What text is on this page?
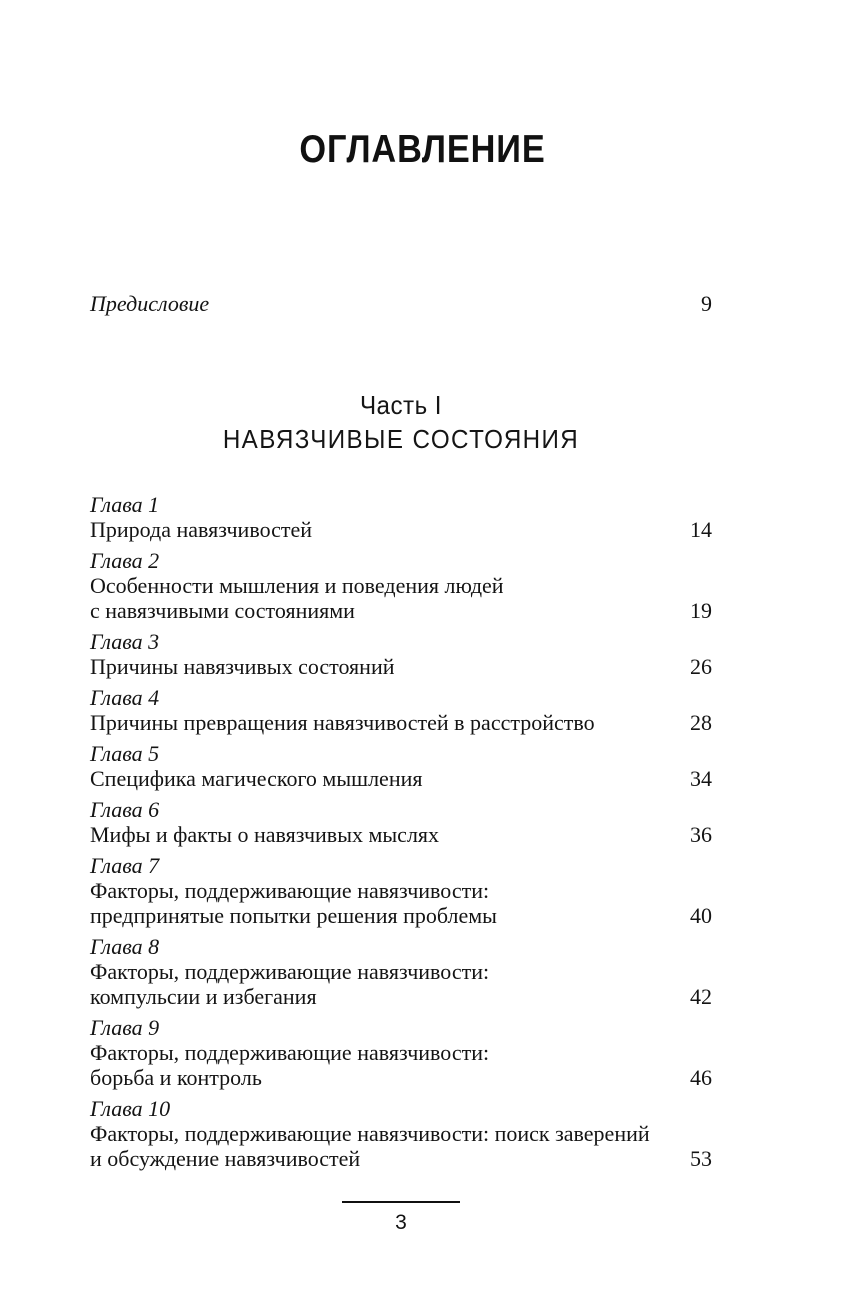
ОГЛАВЛЕНИЕ
Предисловие	9
Часть I
НАВЯЗЧИВЫЕ СОСТОЯНИЯ
Глава 1
Природа навязчивостей	14
Глава 2
Особенности мышления и поведения людей
с навязчивыми состояниями	19
Глава 3
Причины навязчивых состояний	26
Глава 4
Причины превращения навязчивостей в расстройство	28
Глава 5
Специфика магического мышления	34
Глава 6
Мифы и факты о навязчивых мыслях	36
Глава 7
Факторы, поддерживающие навязчивости:
предпринятые попытки решения проблемы	40
Глава 8
Факторы, поддерживающие навязчивости:
компульсии и избегания	42
Глава 9
Факторы, поддерживающие навязчивости:
борьба и контроль	46
Глава 10
Факторы, поддерживающие навязчивости: поиск заверений
и обсуждение навязчивостей	53
3
